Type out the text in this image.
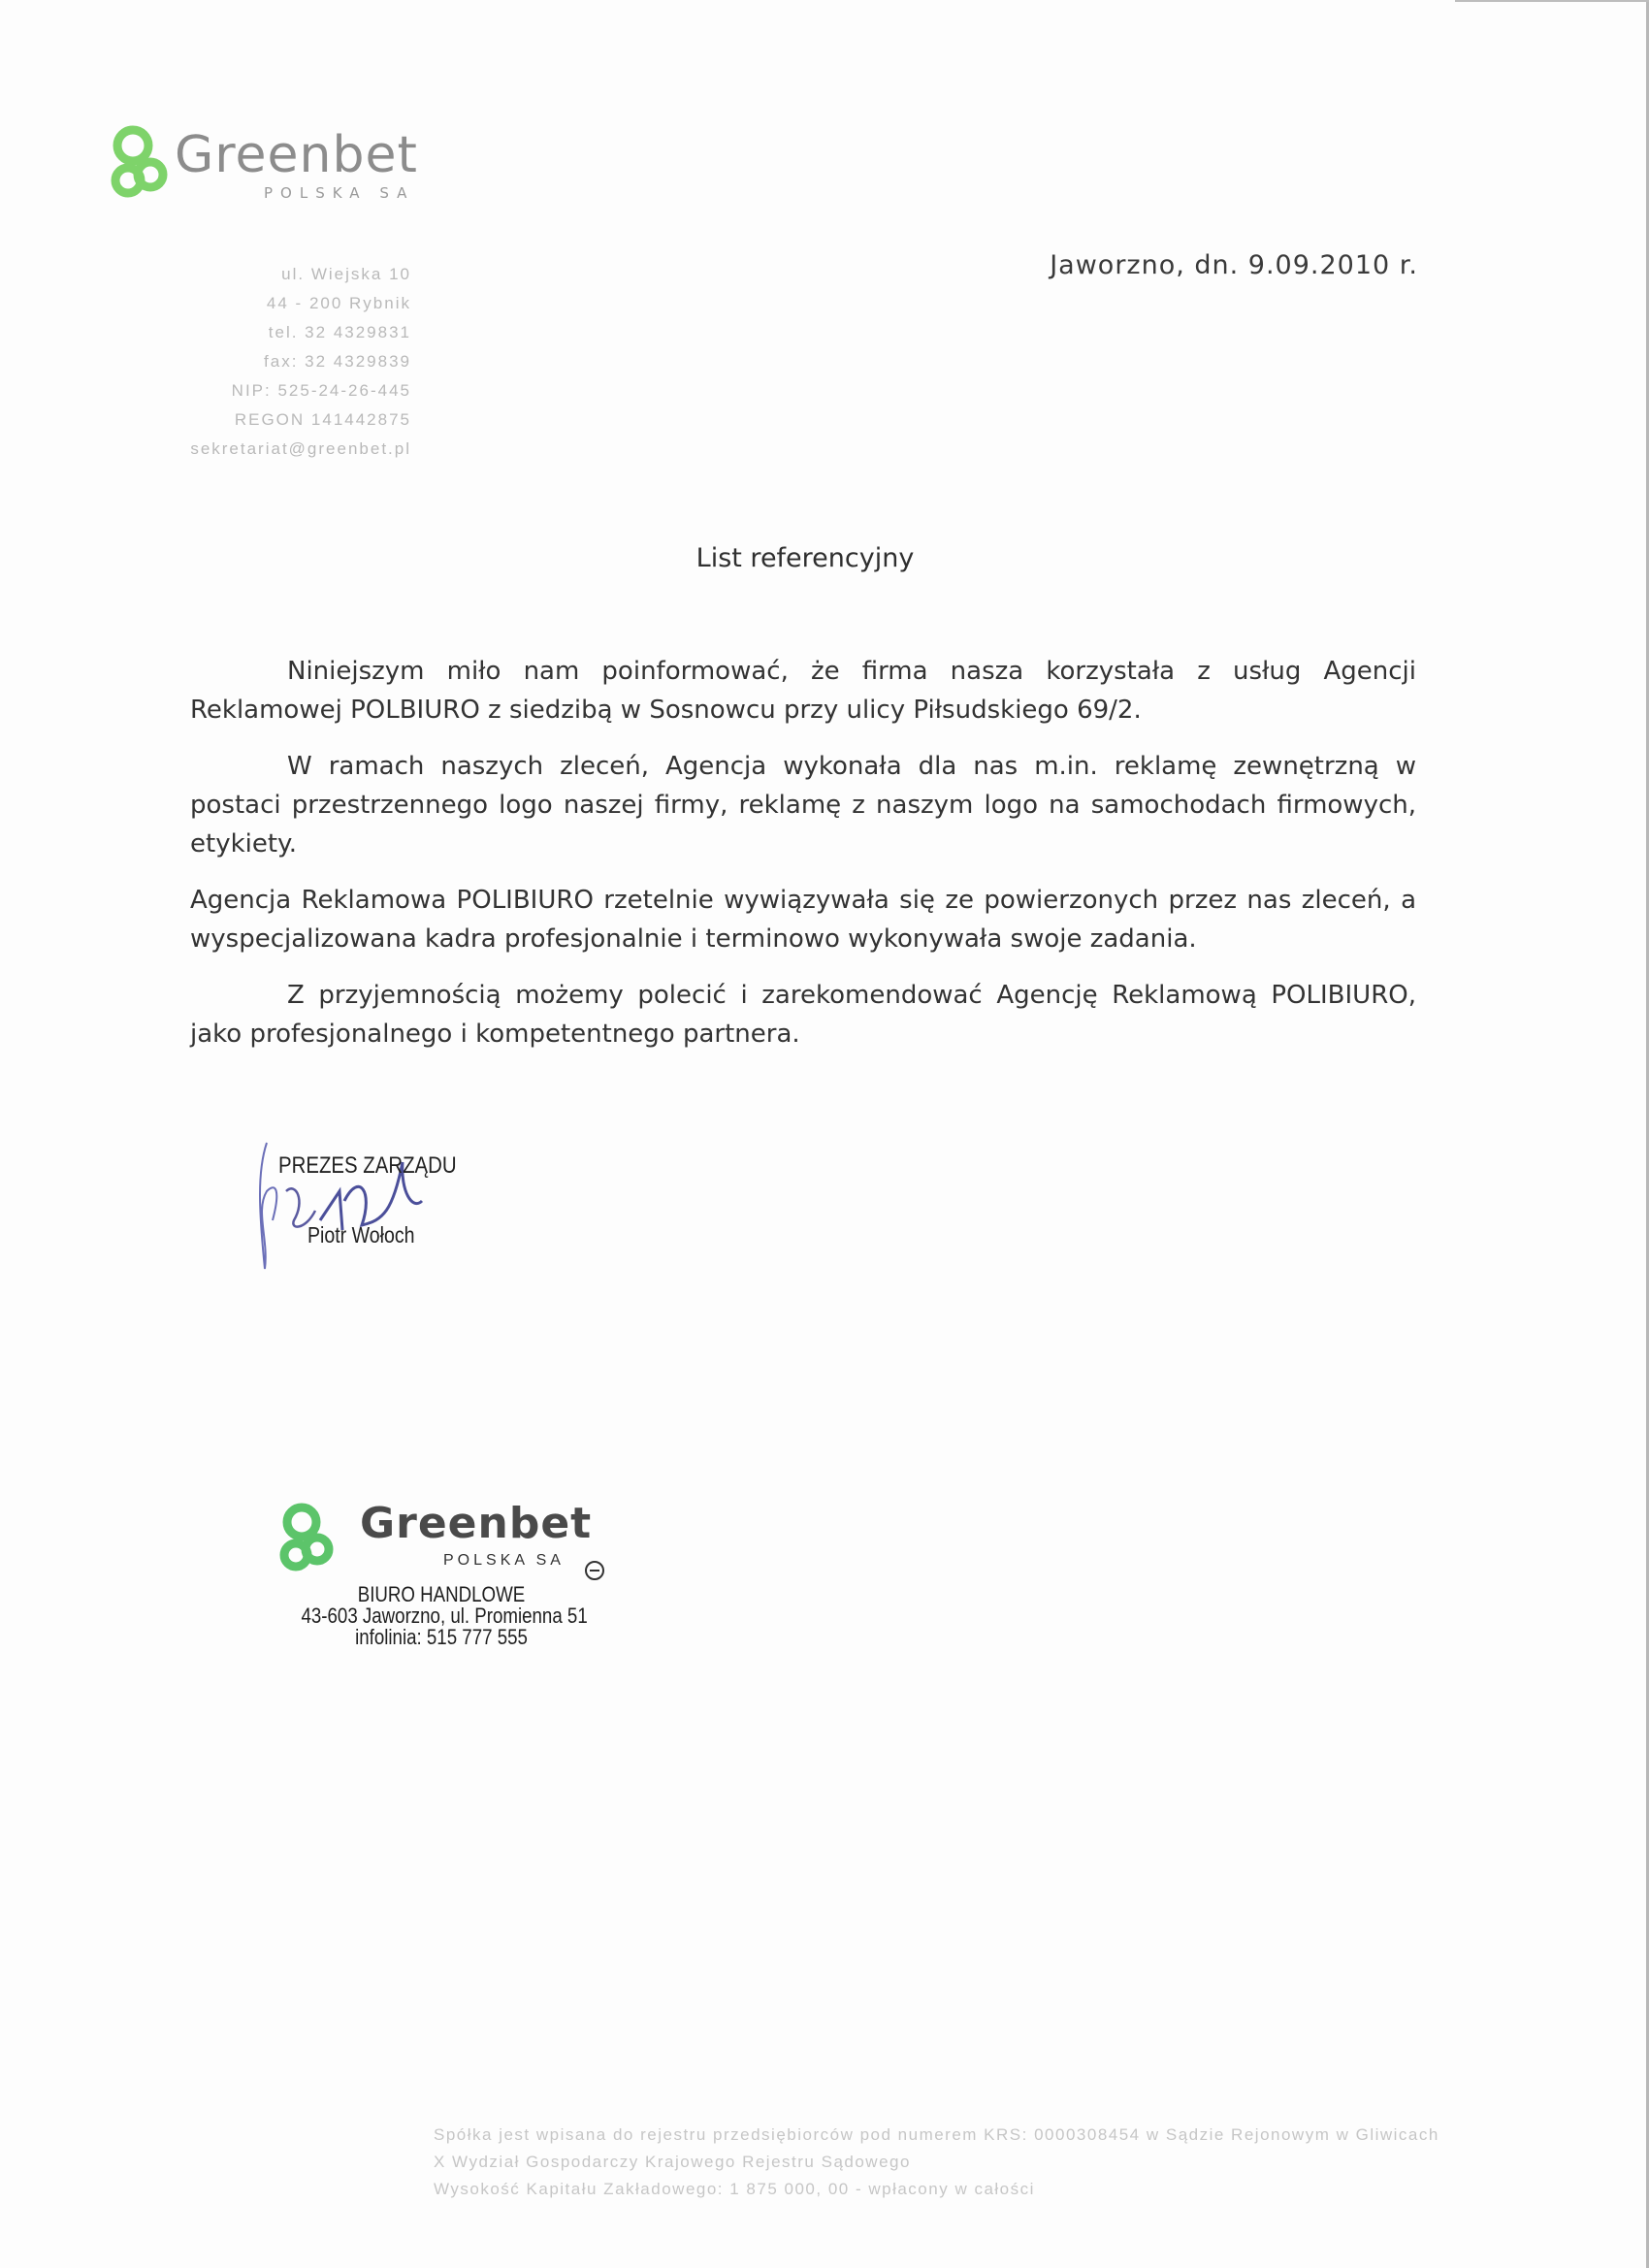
Greenbet
POLSKA SA
ul. Wiejska 10
44 - 200 Rybnik
tel. 32 4329831
fax: 32 4329839
NIP: 525-24-26-445
REGON 141442875
sekretariat@greenbet.pl
Jaworzno, dn. 9.09.2010 r.
List referencyjny

Niniejszym miło nam poinformować, że firma nasza korzystała z usług Agencji Reklamowej POLBIURO z siedzibą w Sosnowcu przy ulicy Piłsudskiego 69/2.

W ramach naszych zleceń, Agencja wykonała dla nas m.in. reklamę zewnętrzną w postaci przestrzennego logo naszej firmy, reklamę z naszym logo na samochodach firmowych, etykiety.

Agencja Reklamowa POLIBIURO rzetelnie wywiązywała się ze powierzonych przez nas zleceń, a wyspecjalizowana kadra profesjonalnie i terminowo wykonywała swoje zadania.

Z przyjemnością możemy polecić i zarekomendować Agencję Reklamową POLIBIURO, jako profesjonalnego i kompetentnego partnera.

PREZES ZARZĄDU
Piotr Wołoch
Greenbet
POLSKA SA
BIURO HANDLOWE
43-603 Jaworzno, ul. Promienna 51
infolinia: 515 777 555
Spółka jest wpisana do rejestru przedsiębiorców pod numerem KRS: 0000308454 w Sądzie Rejonowym w Gliwicach
X Wydział Gospodarczy Krajowego Rejestru Sądowego
Wysokość Kapitału Zakładowego: 1 875 000, 00 - wpłacony w całości
